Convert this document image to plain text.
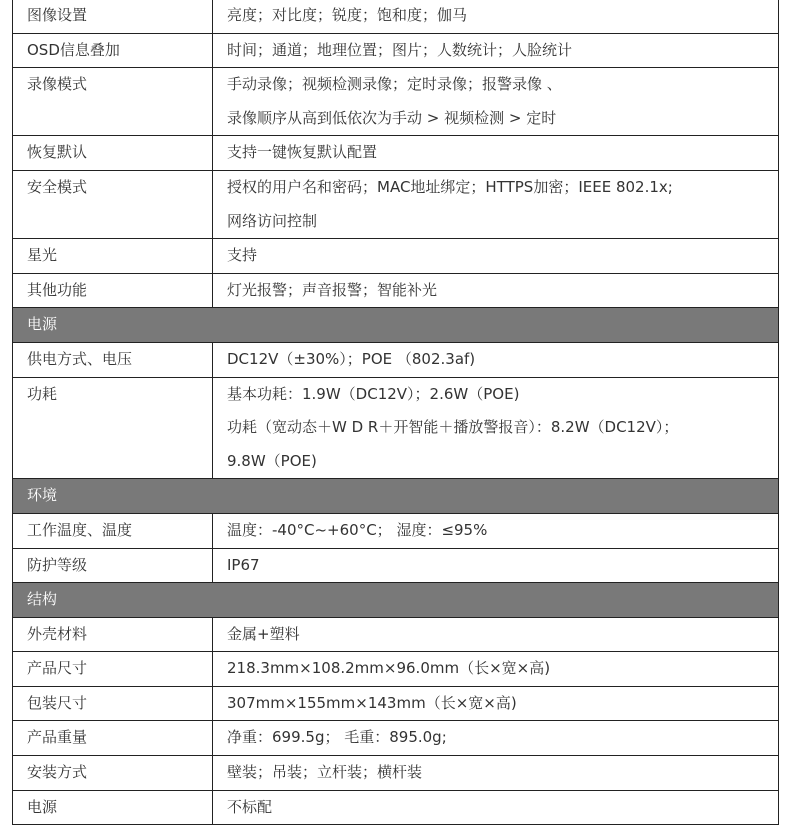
图像设置	亮度；对比度；锐度；饱和度；伽马

OSD信息叠加	时间；通道；地理位置；图片；人数统计；人脸统计

录像模式	手动录像；视频检测录像；定时录像；报警录像 、
录像顺序从高到低依次为手动 > 视频检测 > 定时

恢复默认	支持一键恢复默认配置

安全模式	授权的用户名和密码；MAC地址绑定；HTTPS加密；IEEE 802.1x;
网络访问控制

星光	支持

其他功能	灯光报警；声音报警；智能补光

电源	
供电方式、电压	DC12V（±30%）；POE （802.3af)

功耗	基本功耗：1.9W（DC12V）；2.6W（POE)
功耗（宽动态＋W D R＋开智能＋播放警报音）：8.2W（DC12V）；
9.8W（POE)

环境	
工作温度、温度	温度：-40°C~+60°C； 湿度：≤95%

防护等级	IP67

结构	
外壳材料	金属+塑料

产品尺寸	218.3mm×108.2mm×96.0mm（长×宽×高)

包装尺寸	307mm×155mm×143mm（长×宽×高)

产品重量	净重：699.5g； 毛重：895.0g;

安装方式	壁装；吊装；立杆装；横杆装

电源	不标配
